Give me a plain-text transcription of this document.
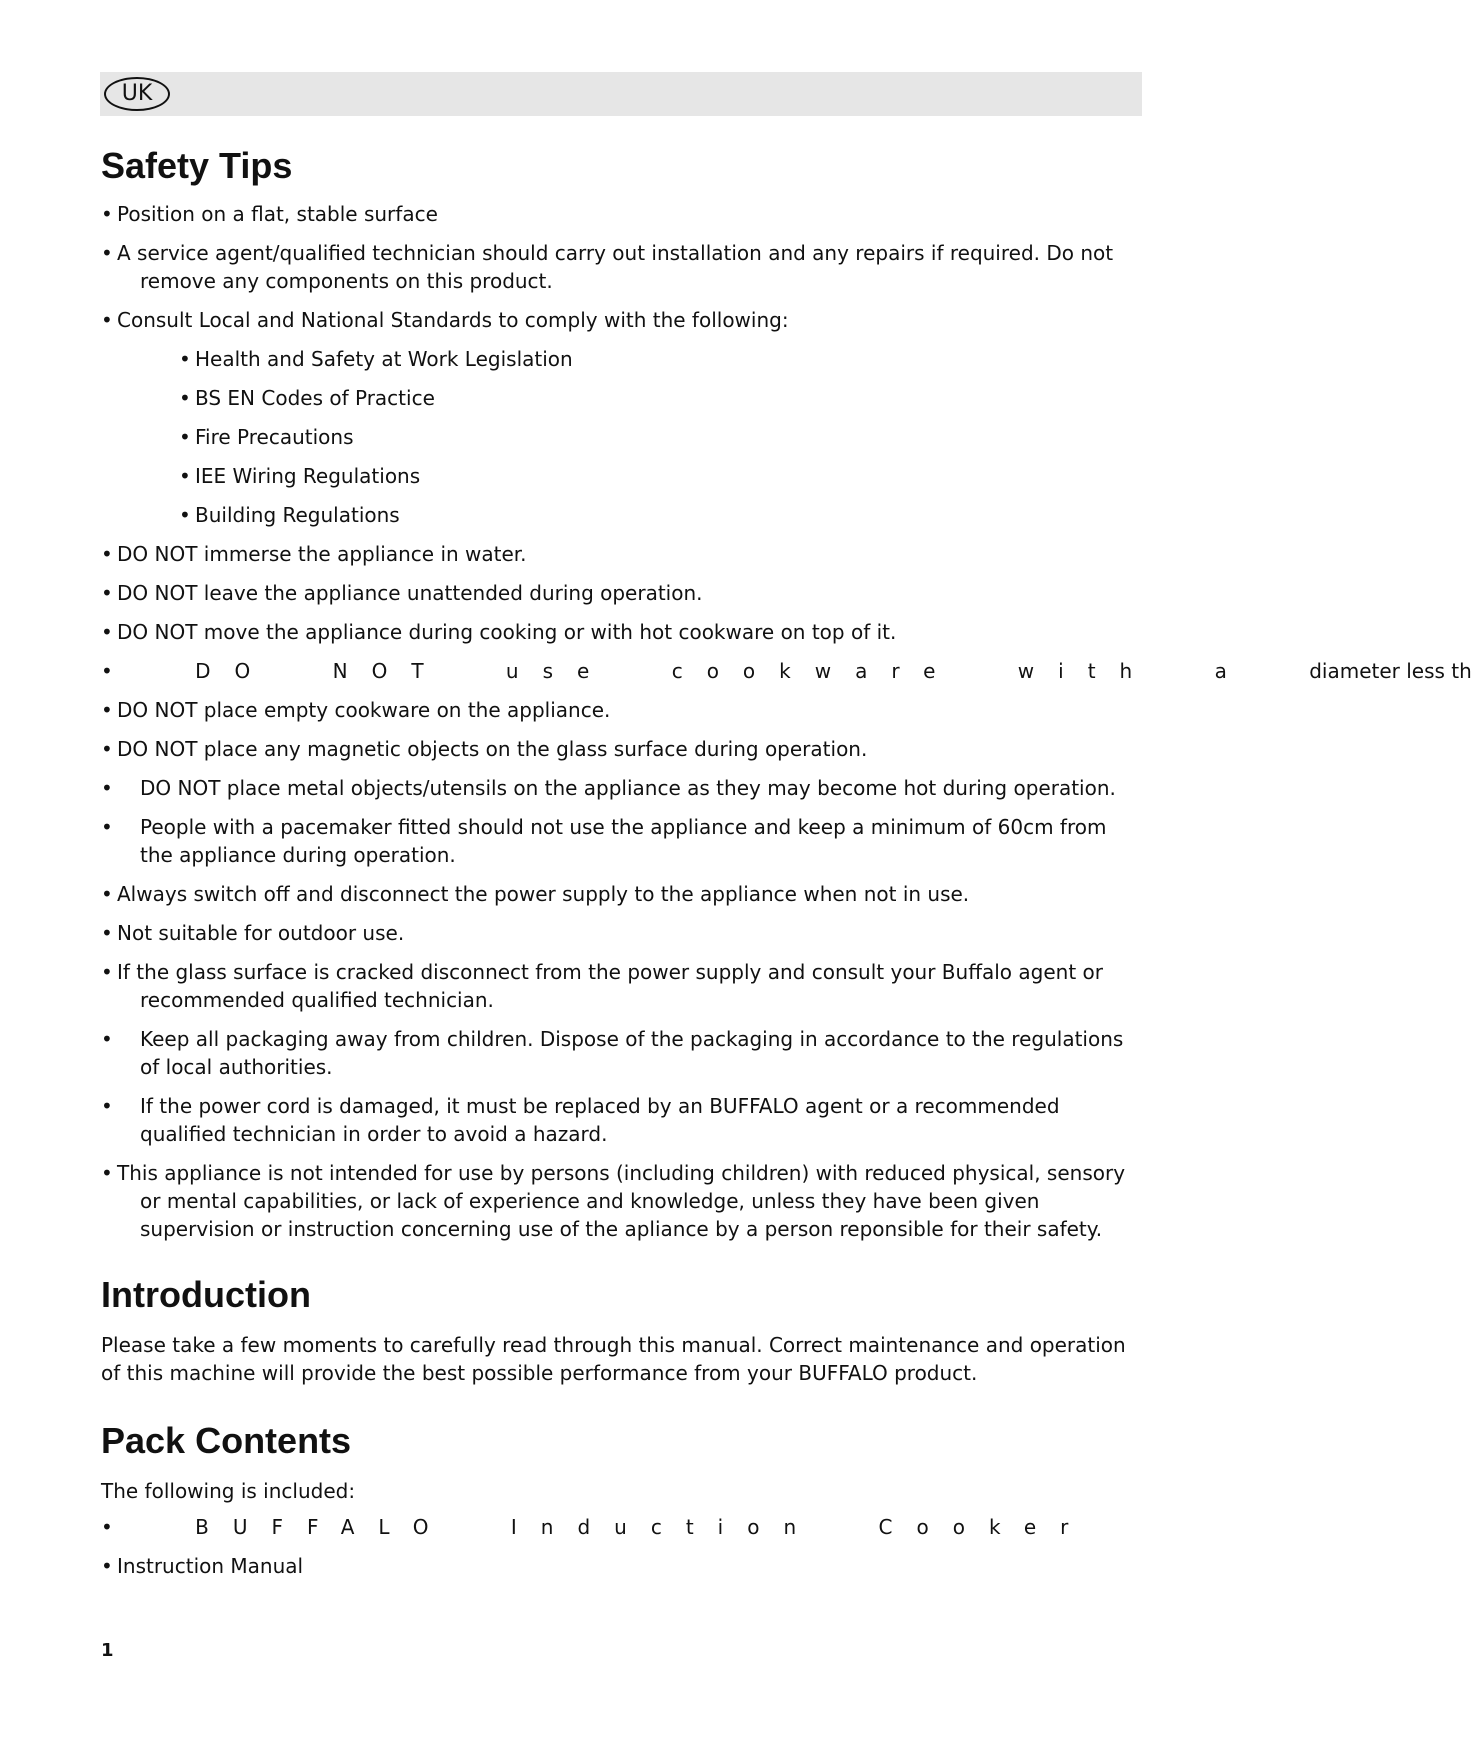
UK
Safety Tips
• Position on a flat, stable surface
• A service agent/qualified technician should carry out installation and any repairs if required. Do not remove any components on this product.
• Consult Local and National Standards to comply with the following:
• Health and Safety at Work Legislation
• BS EN Codes of Practice
• Fire Precautions
• IEE Wiring Regulations
• Building Regulations
• DO NOT immerse the appliance in water.
• DO NOT leave the appliance unattended during operation.
• DO NOT move the appliance during cooking or with hot cookware on top of it.
•	DO NOT use cookware with a	diameter less th
• DO NOT place empty cookware on the appliance.
• DO NOT place any magnetic objects on the glass surface during operation.
• DO NOT place metal objects/utensils on the appliance as they may become hot during operation.
• People with a pacemaker fitted should not use the appliance and keep a minimum of 60cm from the appliance during operation.
• Always switch off and disconnect the power supply to the appliance when not in use.
• Not suitable for outdoor use.
• If the glass surface is cracked disconnect from the power supply and consult your Buffalo agent or recommended qualified technician.
• Keep all packaging away from children. Dispose of the packaging in accordance to the regulations of local authorities.
• If the power cord is damaged, it must be replaced by an BUFFALO agent or a recommended qualified technician in order to avoid a hazard.
• This appliance is not intended for use by persons (including children) with reduced physical, sensory or mental capabilities, or lack of experience and knowledge, unless they have been given supervision or instruction concerning use of the apliance by a person reponsible for their safety.
Introduction

Please take a few moments to carefully read through this manual. Correct maintenance and operation of this machine will provide the best possible performance from your BUFFALO product.

Pack Contents

The following is included:

•	BUFFALO Induction Cooker
• Instruction Manual
1
